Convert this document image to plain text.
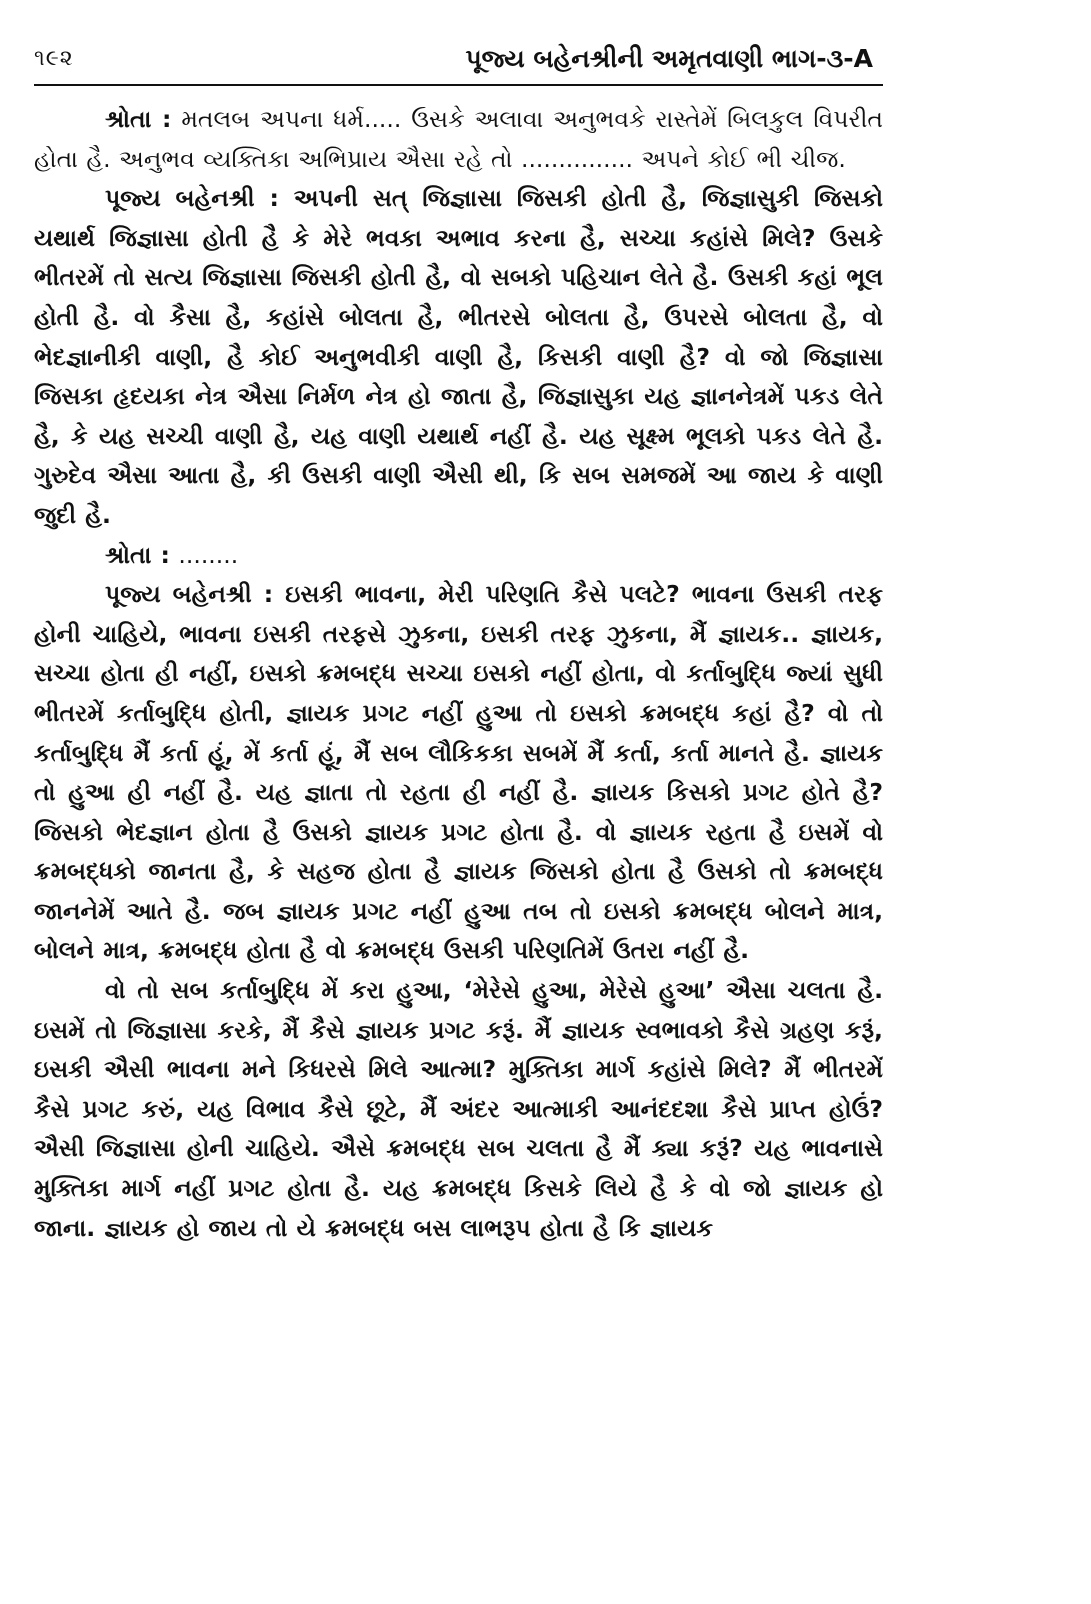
૧૯૨	પૂજ્ય બહેનશ્રીની અમૃતવાણી ભાગ-૩-A

શ્રોતા : મતલબ અપના ધર્મ..... ઉસકે અલાવા અનુભવકે રાસ્તેમેં બિલકુલ વિપરીત હોતા હૈ. અનુભવ વ્યક્તિકા અભિપ્રાય ઐસા રહે તો ............... અપને કોઈ ભી ચીજ.

પૂજ્ય બહેનશ્રી : અપની સત્ જિજ્ઞાસા જિસકી હોતી હૈ, જિજ્ઞાસુકી જિસકો યથાર્થ જિજ્ઞાસા હોતી હૈ કે મેરે ભવકા અભાવ કરના હૈ, સચ્ચા કહાંસે મિલે? ઉસકે ભીતરમેં તો સત્ય જિજ્ઞાસા જિસકી હોતી હૈ, વો સબકો પહિચાન લેતે હૈ. ઉસકી કહાં ભૂલ હોતી હૈ. વો કૈસા હૈ, કહાંસે બોલતા હૈ, ભીતરસે બોલતા હૈ, ઉપરસે બોલતા હૈ, વો ભેદજ્ઞાનીકી વાણી, હૈ કોઈ અનુભવીકી વાણી હૈ, કિસકી વાણી હૈ? વો જો જિજ્ઞાસા જિસકા હૃદયકા નેત્ર ઐસા નિર્મળ નેત્ર હો જાતા હૈ, જિજ્ઞાસુકા યહ જ્ઞાનનેત્રમેં પકડ લેતે હૈ, કે યહ સચ્ચી વાણી હૈ, યહ વાણી યથાર્થ નહીં હૈ. યહ સૂક્ષ્મ ભૂલકો પકડ લેતે હૈ. ગુરુદેવ ઐસા આતા હૈ, કી ઉસકી વાણી ઐસી થી, કિ સબ સમજમેં આ જાય કે વાણી જુદી હૈ.

શ્રોતા : ........

પૂજ્ય બહેનશ્રી : ઇસકી ભાવના, મેરી પરિણતિ કૈસે પલટે? ભાવના ઉસકી તરફ હોની ચાહિયે, ભાવના ઇસકી તરફસે ઝુકના, ઇસકી તરફ ઝુકના, મૈં જ્ઞાયક.. જ્ઞાયક, સચ્ચા હોતા હી નહીં, ઇસકો ક્રમબદ્ધ સચ્ચા ઇસકો નહીં હોતા, વો કર્તાબુદ્ધિ જ્યાં સુધી ભીતરમેં કર્તાબુદ્ધિ હોતી, જ્ઞાયક પ્રગટ નહીં હુઆ તો ઇસકો ક્રમબદ્ધ કહાં હૈ? વો તો કર્તાબુદ્ધિ મૈં કર્તા હૂં, મેં કર્તા હૂં, મૈં સબ લૌકિકકા સબમેં મૈં કર્તા, કર્તા માનતે હૈ. જ્ઞાયક તો હુઆ હી નહીં હૈ. યહ જ્ઞાતા તો રહતા હી નહીં હૈ. જ્ઞાયક કિસકો પ્રગટ હોતે હૈ? જિસકો ભેદજ્ઞાન હોતા હૈ ઉસકો જ્ઞાયક પ્રગટ હોતા હૈ. વો જ્ઞાયક રહતા હૈ ઇસમેં વો ક્રમબદ્ધકો જાનતા હૈ, કે સહજ હોતા હૈ જ્ઞાયક જિસકો હોતા હૈ ઉસકો તો ક્રમબદ્ધ જાનનેમેં આતે હૈ. જબ જ્ઞાયક પ્રગટ નહીં હુઆ તબ તો ઇસકો ક્રમબદ્ધ બોલને માત્ર, બોલને માત્ર, ક્રમબદ્ધ હોતા હૈ વો ક્રમબદ્ધ ઉસકી પરિણતિમેં ઉતરા નહીં હૈ.

વો તો સબ કર્તાબુદ્ધિ મેં કરા હુઆ, ‘મેરેસે હુઆ, મેરેસે હુઆ’ ઐસા ચલતા હૈ. ઇસમેં તો જિજ્ઞાસા કરકે, મૈં કૈસે જ્ઞાયક પ્રગટ કરૂં. મૈં જ્ઞાયક સ્વભાવકો કૈસે ગ્રહણ કરૂં, ઇસકી ઐસી ભાવના મને કિધરસે મિલે આત્મા? મુક્તિકા માર્ગ કહાંસે મિલે? મૈં ભીતરમેં કૈસે પ્રગટ કરું, યહ વિભાવ કૈસે છૂટે, મૈં અંદર આત્માકી આનંદદશા કૈસે પ્રાપ્ત હોઉં? ઐસી જિજ્ઞાસા હોની ચાહિયે. ઐસે ક્રમબદ્ધ સબ ચલતા હૈ મૈં ક્યા કરૂં? યહ ભાવનાસે મુક્તિકા માર્ગ નહીં પ્રગટ હોતા હૈ. યહ ક્રમબદ્ધ કિસકે લિયે હૈ કે વો જો જ્ઞાયક હો જાના. જ્ઞાયક હો જાય તો યે ક્રમબદ્ધ બસ લાભરૂપ હોતા હૈ કિ જ્ઞાયક
